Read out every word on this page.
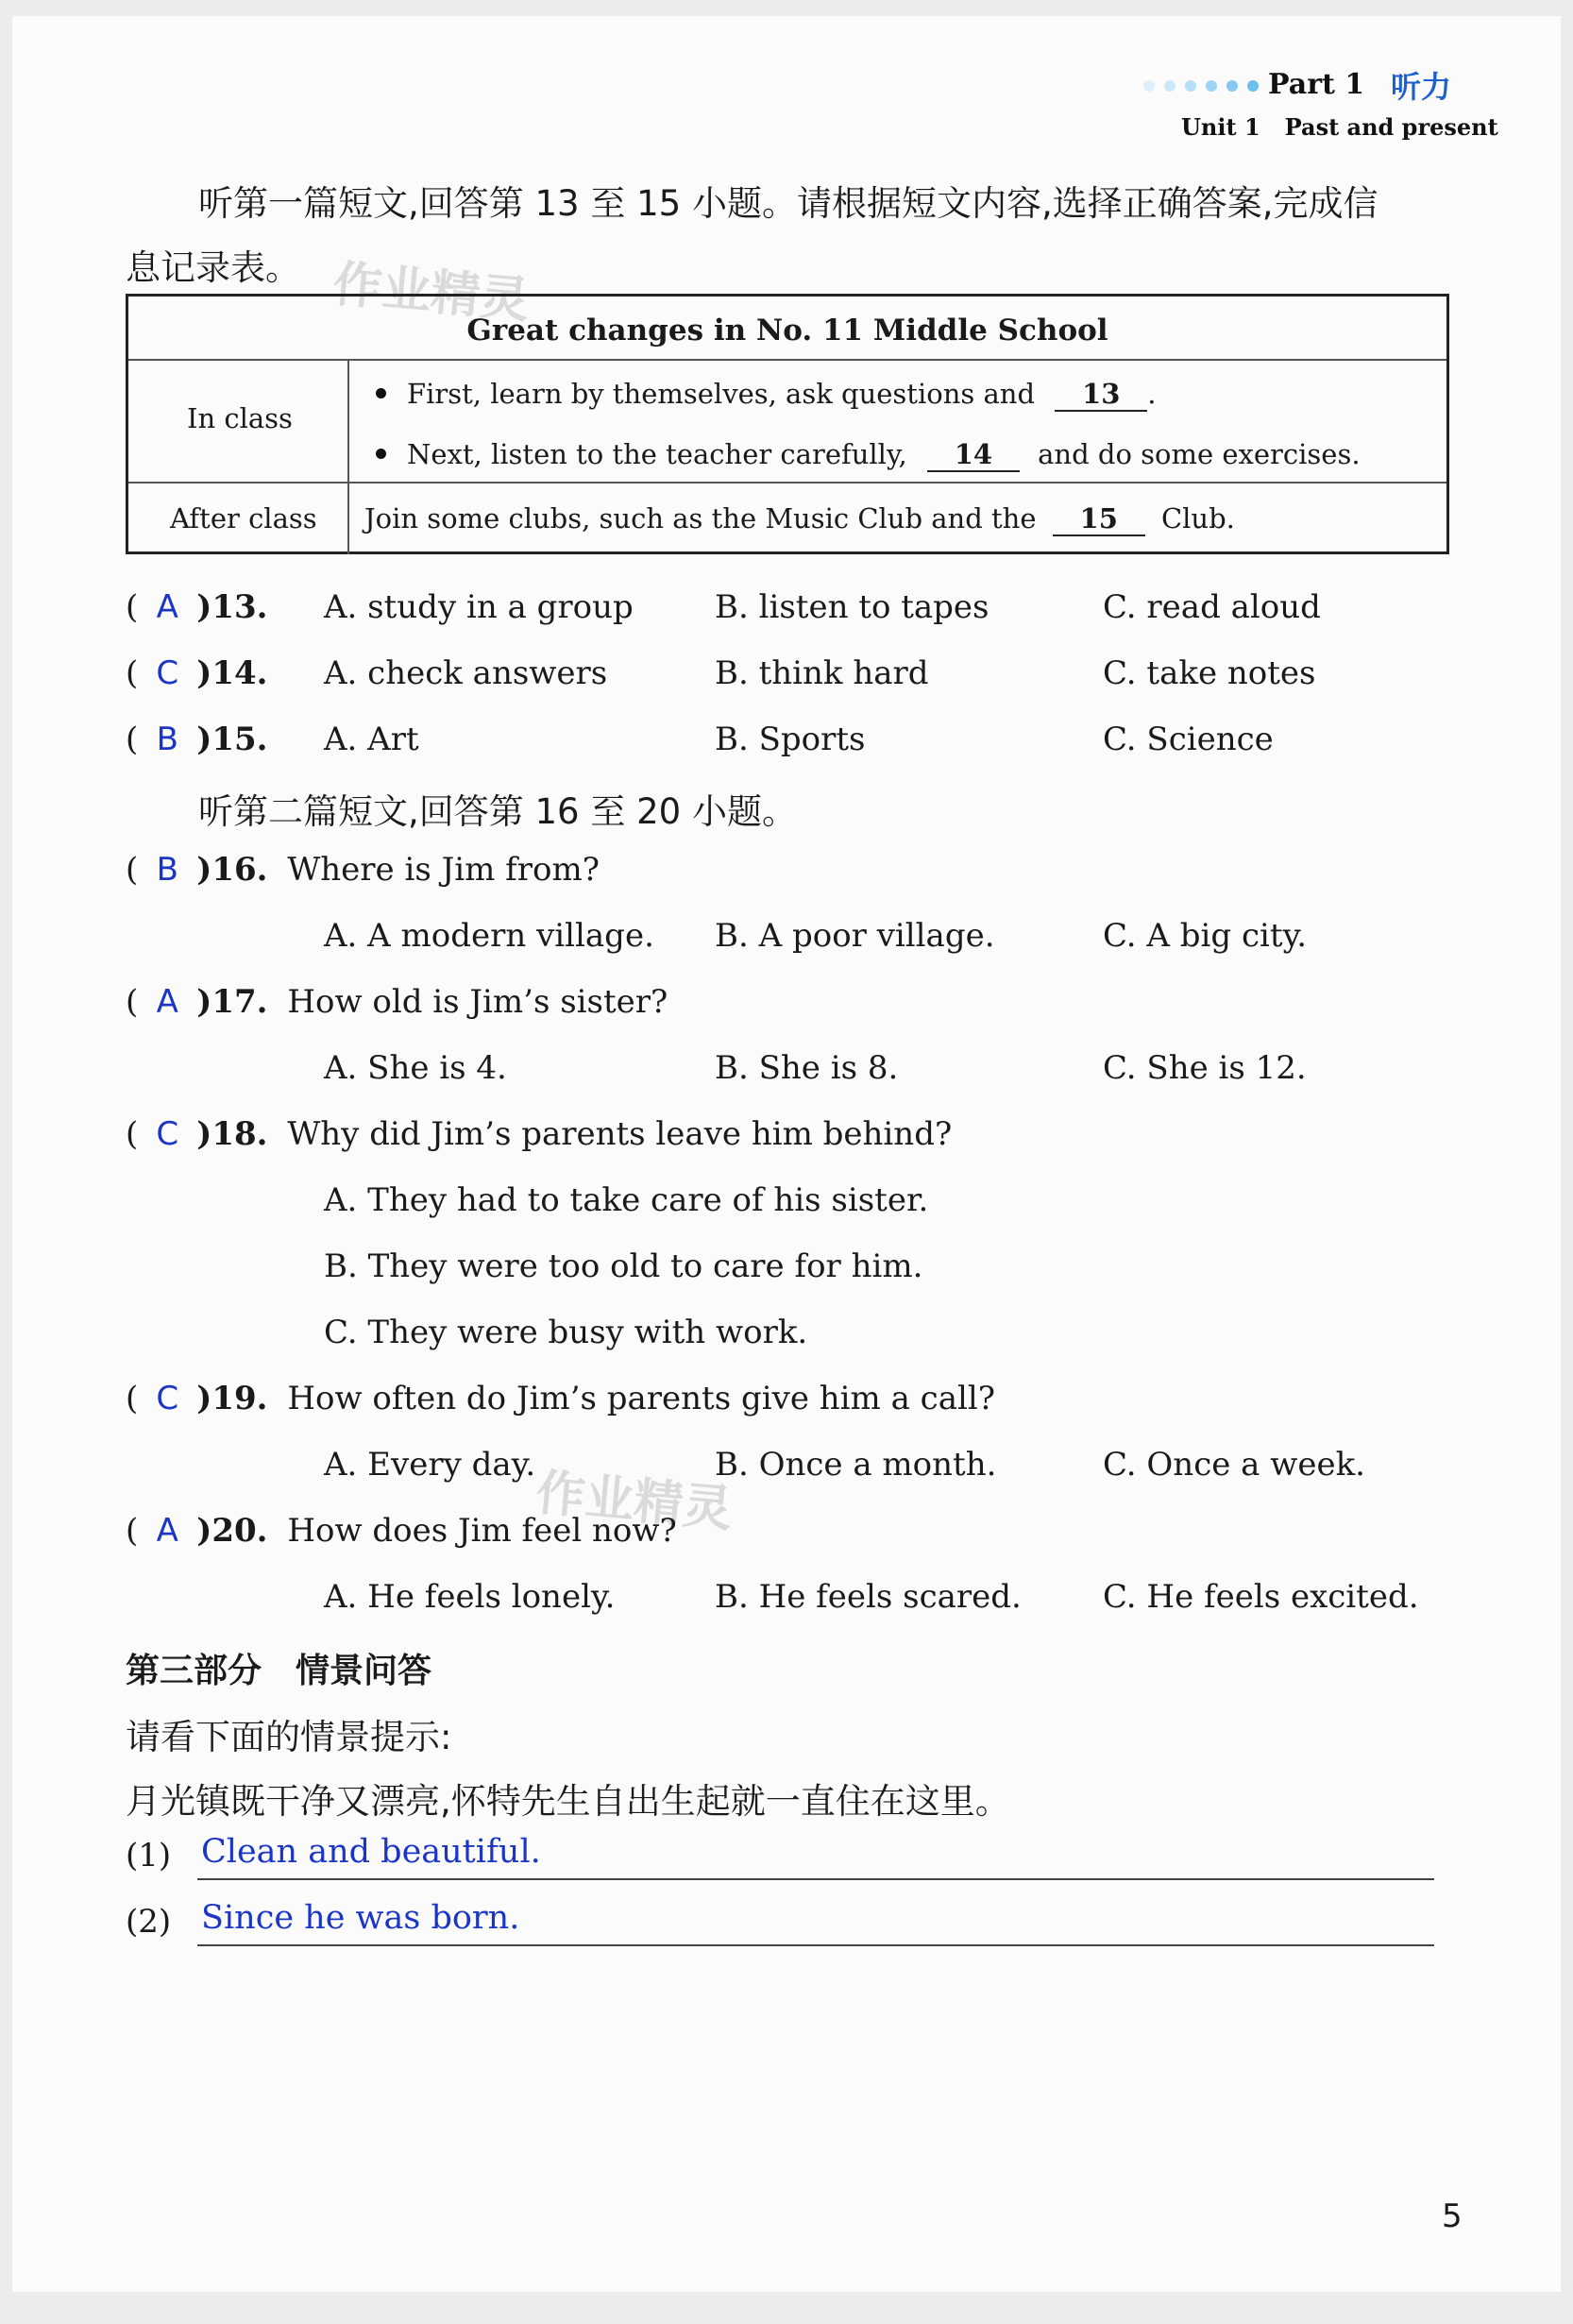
Part 1 听力
Unit 1 Past and present
听第一篇短文,回答第 13 至 15 小题。请根据短文内容,选择正确答案,完成信
息记录表。 作业精灵
Great changes in No. 11 Middle School
In class
First, learn by themselves, ask questions and 13 .
Next, listen to the teacher carefully, 14 and do some exercises.
After class Join some clubs, such as the Music Club and the 15 Club.
( A )13. A. study in a group	B. listen to tapes	C. read aloud
( C )14. A. check answers	B. think hard	C. take notes
( B )15. A. Art	B. Sports	C. Science
听第二篇短文,回答第 16 至 20 小题。
( B )16. Where is Jim from?
A. A modern village. B. A poor village.	C. A big city.
( A )17. How old is Jim’s sister?
A. She is 4.	B. She is 8.	C. She is 12.
( C )18. Why did Jim’s parents leave him behind?
A. They had to take care of his sister.
B. They were too old to care for him.
C. They were busy with work.
( C )19. How often do Jim’s parents give him a call?
A. Every day.	B. Once a month.	C. Once a week.
作业精灵
( A )20. How does Jim feel now?
A. He feels lonely.	B. He feels scared.	C. He feels excited.
第三部分　情景问答
请看下面的情景提示:
月光镇既干净又漂亮,怀特先生自出生起就一直住在这里。
(1) Clean and beautiful.
(2) Since he was born.
5
